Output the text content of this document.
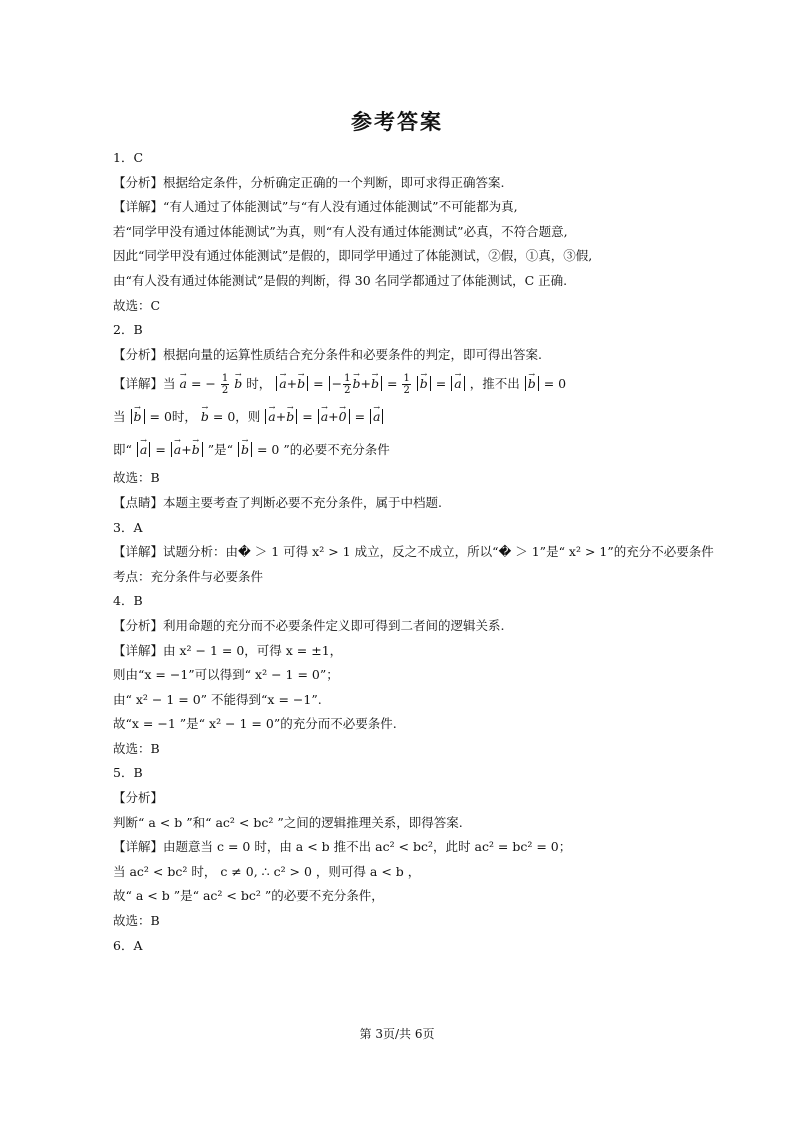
参考答案
1．C
【分析】根据给定条件，分析确定正确的一个判断，即可求得正确答案.
【详解】“有人通过了体能测试”与“有人没有通过体能测试”不可能都为真,
若“同学甲没有通过体能测试”为真，则“有人没有通过体能测试”必真，不符合题意,
因此“同学甲没有通过体能测试”是假的，即同学甲通过了体能测试，②假，①真，③假,
由“有人没有通过体能测试”是假的判断，得 30 名同学都通过了体能测试，C 正确.
故选：C
2．B
【分析】根据向量的运算性质结合充分条件和必要条件的判定，即可得出答案.
【详解】当 → a = − $\frac{1}{2}$
→ b 时， → a+→ b = − $\frac{1}{2}$
→ $b+\to b = \frac{1}{2}$
→ b = → a ，推不出 → b = 0
当 → b = 0时， → b = 0，则 → a+→ b = → a+→ 0 = → a
即“ → a = → a+→ b ”是“ → b = 0 ”的必要不充分条件
故选：B
【点睛】本题主要考查了判断必要不充分条件，属于中档题.
3．A
【详解】试题分析：由� ＞ 1 可得 x² > 1 成立，反之不成立，所以“� ＞ 1”是“ x² > 1”的充分不必要条件
考点：充分条件与必要条件
4．B
【分析】利用命题的充分而不必要条件定义即可得到二者间的逻辑关系.
【详解】由 x² − 1 = 0，可得 x = ±1，
则由“x = −1”可以得到“ x² − 1 = 0”；
由“ x² − 1 = 0” 不能得到“x = −1”.
故“x = −1 ”是“ x² − 1 = 0”的充分而不必要条件.
故选：B
5．B
【分析】
判断“ a < b ”和“ ac² < bc² ”之间的逻辑推理关系，即得答案.
【详解】由题意当 c = 0 时，由 a < b 推不出 ac² < bc²，此时 ac² = bc² = 0；
当 ac² < bc² 时， c ≠ 0, ∴ c² > 0 ，则可得 a < b ，
故“ a < b ”是“ ac² < bc² ”的必要不充分条件，
故选：B
6．A
第 3页/共 6页
